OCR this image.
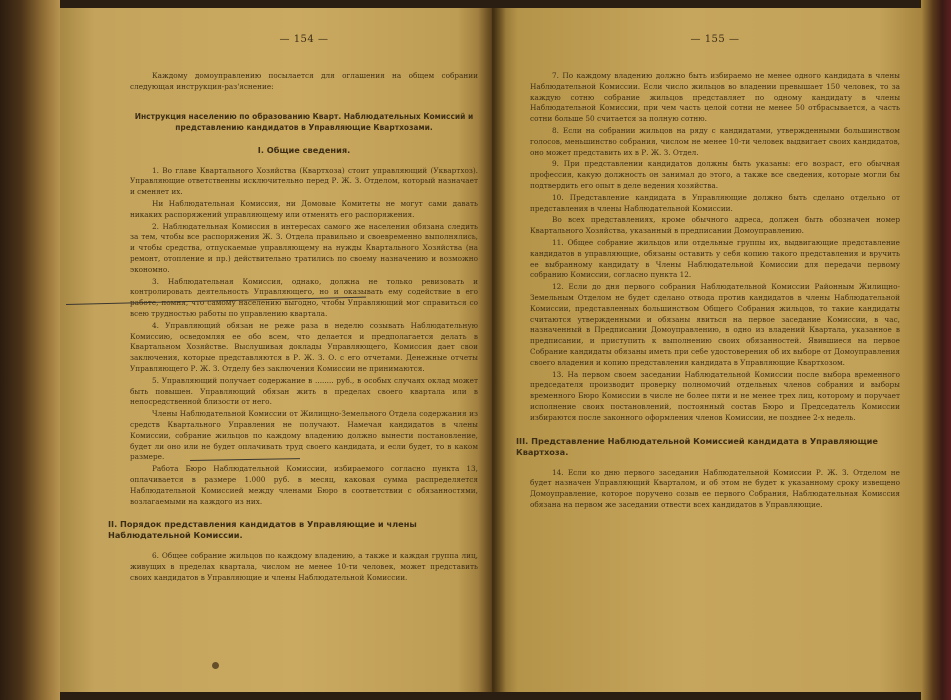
— 154 —

Каждому домоуправлению посылается для оглашения на общем собрании следующая инструкция-раз'яснение:

Инструкция населению по образованию Кварт. Наблюдательных Комиссий и представлению кандидатов в Управляющие Квартхозами.
I. Общие сведения.

1. Во главе Квартального Хозяйства (Квартхоза) стоит управляющий (Уквартхоз). Управляющие ответственны исключительно перед Р. Ж. З. Отделом, который назначает и сменяет их.

Ни Наблюдательная Комиссия, ни Домовые Комитеты не могут сами давать никаких распоряжений управляющему или отменять его распоряжения.

2. Наблюдательная Комиссия в интересах самого же населения обязана следить за тем, чтобы все распоряжения Ж. З. Отдела правильно и своевременно выполнялись, и чтобы средства, отпускаемые управляющему на нужды Квартального Хозяйства (на ремонт, отопление и пр.) действительно тратились по своему назначению и возможно экономно.

3. Наблюдательная Комиссия, однако, должна не только ревизовать и контролировать деятельность Управляющего, но и оказывать ему содействие в его работе, помня, что самому населению выгодно, чтобы Управляющий мог справиться со всею трудностью работы по управлению квартала.

4. Управляющий обязан не реже раза в неделю созывать Наблюдательную Комиссию, осведомляя ее обо всем, что делается и предполагается делать в Квартальном Хозяйстве. Выслушивая доклады Управляющего, Комиссия дает свои заключения, которые представляются в Р. Ж. З. О. с его отчетами. Денежные отчеты Управляющего Р. Ж. З. Отделу без заключения Комиссии не принимаются.

5. Управляющий получает содержание в ........ руб., в особых случаях оклад может быть повышен. Управляющий обязан жить в пределах своего квартала или в непосредственной близости от него.

Члены Наблюдательной Комиссии от Жилищно-Земельного Отдела содержания из средств Квартального Управления не получают. Намечая кандидатов в члены Комиссии, собрание жильцов по каждому владению должно вынести постановление, будет ли оно или не будет оплачивать труд своего кандидата, и если будет, то в каком размере.

Работа Бюро Наблюдательной Комиссии, избираемого согласно пункта 13, оплачивается в размере 1.000 руб. в месяц, каковая сумма распределяется Наблюдательной Комиссией между членами Бюро в соответствии с обязанностями, возлагаемыми на каждого из них.

II. Порядок представления кандидатов в Управляющие и члены Наблюдательной Комиссии.

6. Общее собрание жильцов по каждому владению, а также и каждая группа лиц, живущих в пределах квартала, числом не менее 10-ти человек, может представить своих кандидатов в Управляющие и члены Наблюдательной Комиссии.

— 155 —

7. По каждому владению должно быть избираемо не менее одного кандидата в члены Наблюдательной Комиссии. Если число жильцов во владении превышает 150 человек, то за каждую сотню собрание жильцов представляет по одному кандидату в члены Наблюдательной Комиссии, при чем часть целой сотни не менее 50 отбрасывается, а часть сотни больше 50 считается за полную сотню.

8. Если на собрании жильцов на ряду с кандидатами, утвержденными большинством голосов, меньшинство собрания, числом не менее 10-ти человек выдвигает своих кандидатов, оно может представить их в Р. Ж. З. Отдел.

9. При представлении кандидатов должны быть указаны: его возраст, его обычная профессия, какую должность он занимал до этого, а также все сведения, которые могли бы подтвердить его опыт в деле ведения хозяйства.

10. Представление кандидата в Управляющие должно быть сделано отдельно от представления в члены Наблюдательной Комиссии.

Во всех представлениях, кроме обычного адреса, должен быть обозначен номер Квартального Хозяйства, указанный в предписании Домоуправлению.

11. Общее собрание жильцов или отдельные группы их, выдвигающие представление кандидатов в управляющие, обязаны оставить у себя копию такого представления и вручить ее выбранному кандидату в Члены Наблюдательной Комиссии для передачи первому собранию Комиссии, согласно пункта 12.

12. Если до дня первого собрания Наблюдательной Комиссии Районным Жилищно-Земельным Отделом не будет сделано отвода против кандидатов в члены Наблюдательной Комиссии, представленных большинством Общего Собрания жильцов, то такие кандидаты считаются утвержденными и обязаны явиться на первое заседание Комиссии, в час, назначенный в Предписании Домоуправлению, в одно из владений Квартала, указанное в предписании, и приступить к выполнению своих обязанностей. Явившиеся на первое Собрание кандидаты обязаны иметь при себе удостоверения об их выборе от Домоуправления своего владения и копию представления кандидата в Управляющие Квартхозом.

13. На первом своем заседании Наблюдательной Комиссии после выбора временного председателя производит проверку полномочий отдельных членов собрания и выборы временного Бюро Комиссии в числе не более пяти и не менее трех лиц, которому и поручает исполнение своих постановлений, постоянный состав Бюро и Председатель Комиссии избираются после законного оформления членов Комиссии, не позднее 2-х недель.

III. Представление Наблюдательной Комиссией кандидата в Управляющие Квартхоза.

14. Если ко дню первого заседания Наблюдательной Комиссии Р. Ж. З. Отделом не будет назначен Управляющий Кварталом, и об этом не будет к указанному сроку извещено Домоуправление, которое поручено созыв ее первого Собрания, Наблюдательная Комиссия обязана на первом же заседании отвести всех кандидатов в Управляющие.
